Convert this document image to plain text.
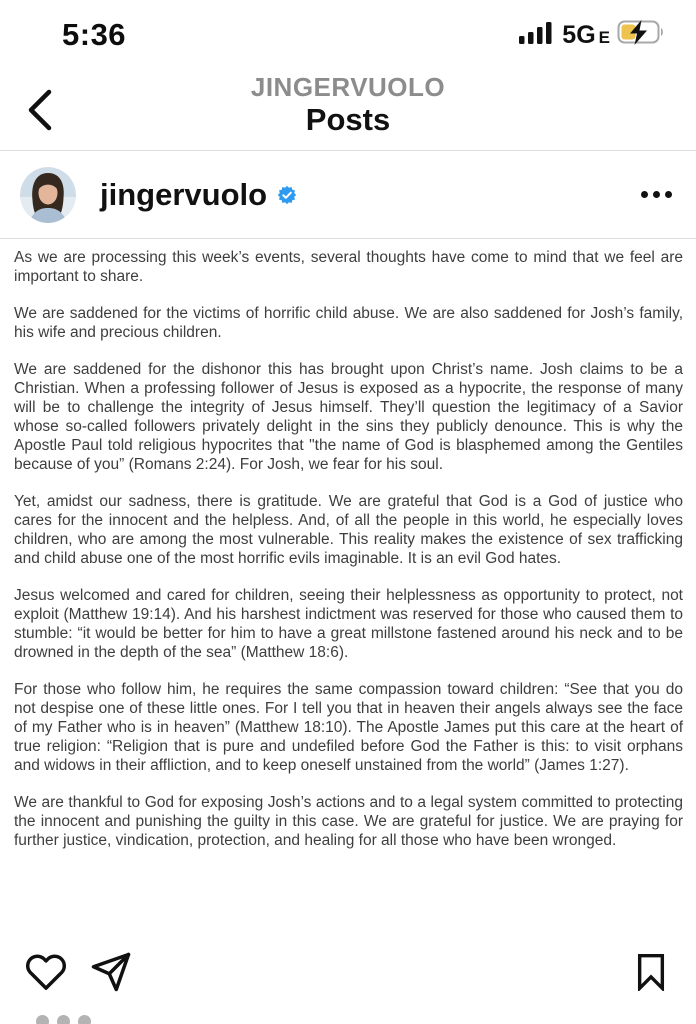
5:36	5G E
JINGERVUOLO
Posts
jingervuolo

As we are processing this week’s events, several thoughts have come to mind that we feel are important to share.

We are saddened for the victims of horrific child abuse. We are also saddened for Josh’s family, his wife and precious children.

We are saddened for the dishonor this has brought upon Christ’s name. Josh claims to be a Christian. When a professing follower of Jesus is exposed as a hypocrite, the response of many will be to challenge the integrity of Jesus himself. They’ll question the legitimacy of a Savior whose so-called followers privately delight in the sins they publicly denounce. This is why the Apostle Paul told religious hypocrites that "the name of God is blasphemed among the Gentiles because of you” (Romans 2:24). For Josh, we fear for his soul.

Yet, amidst our sadness, there is gratitude. We are grateful that God is a God of justice who cares for the innocent and the helpless. And, of all the people in this world, he especially loves children, who are among the most vulnerable. This reality makes the existence of sex trafficking and child abuse one of the most horrific evils imaginable. It is an evil God hates.

Jesus welcomed and cared for children, seeing their helplessness as opportunity to protect, not exploit (Matthew 19:14). And his harshest indictment was reserved for those who caused them to stumble: “it would be better for him to have a great millstone fastened around his neck and to be drowned in the depth of the sea” (Matthew 18:6).

For those who follow him, he requires the same compassion toward children: “See that you do not despise one of these little ones. For I tell you that in heaven their angels always see the face of my Father who is in heaven” (Matthew 18:10). The Apostle James put this care at the heart of true religion: “Religion that is pure and undefiled before God the Father is this: to visit orphans and widows in their affliction, and to keep oneself unstained from the world” (James 1:27).

We are thankful to God for exposing Josh’s actions and to a legal system committed to protecting the innocent and punishing the guilty in this case. We are grateful for justice. We are praying for further justice, vindication, protection, and healing for all those who have been wronged.
